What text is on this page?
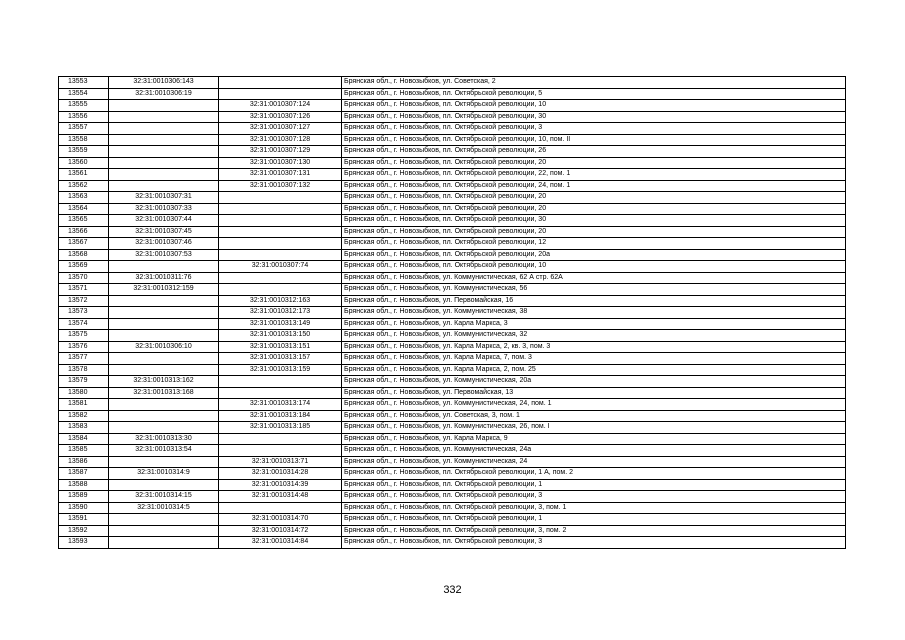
13553	32:31:0010306:143		Брянская обл., г. Новозыбков, ул. Советская, 2
13554	32:31:0010306:19		Брянская обл., г. Новозыбков, пл. Октябрьской революции, 5
13555		32:31:0010307:124	Брянская обл., г. Новозыбков, пл. Октябрьской революции, 10
13556		32:31:0010307:126	Брянская обл., г. Новозыбков, пл. Октябрьской революции, 30
13557		32:31:0010307:127	Брянская обл., г. Новозыбков, пл. Октябрьской революции, 3
13558		32:31:0010307:128	Брянская обл., г. Новозыбков, пл. Октябрьской революции, 10, пом. II
13559		32:31:0010307:129	Брянская обл., г. Новозыбков, пл. Октябрьской революции, 26
13560		32:31:0010307:130	Брянская обл., г. Новозыбков, пл. Октябрьской революции, 20
13561		32:31:0010307:131	Брянская обл., г. Новозыбков, пл. Октябрьской революции, 22, пом. 1
13562		32:31:0010307:132	Брянская обл., г. Новозыбков, пл. Октябрьской революции, 24, пом. 1
13563	32:31:0010307:31		Брянская обл., г. Новозыбков, пл. Октябрьской революции, 20
13564	32:31:0010307:33		Брянская обл., г. Новозыбков, пл. Октябрьской революции, 20
13565	32:31:0010307:44		Брянская обл., г. Новозыбков, пл. Октябрьской революции, 30
13566	32:31:0010307:45		Брянская обл., г. Новозыбков, пл. Октябрьской революции, 20
13567	32:31:0010307:46		Брянская обл., г. Новозыбков, пл. Октябрьской революции, 12
13568	32:31:0010307:53		Брянская обл., г. Новозыбков, пл. Октябрьской революции, 20а
13569		32:31:0010307:74	Брянская обл., г. Новозыбков, пл. Октябрьской революции, 10
13570	32:31:0010311:76		Брянская обл., г. Новозыбков, ул. Коммунистическая, 62 А стр. 62А
13571	32:31:0010312:159		Брянская обл., г. Новозыбков, ул. Коммунистическая, 56
13572		32:31:0010312:163	Брянская обл., г. Новозыбков, ул. Первомайская, 16
13573		32:31:0010312:173	Брянская обл., г. Новозыбков, ул. Коммунистическая, 38
13574		32:31:0010313:149	Брянская обл., г. Новозыбков, ул. Карла Маркса, 3
13575		32:31:0010313:150	Брянская обл., г. Новозыбков, ул. Коммунистическая, 32
13576	32:31:0010306:10	32:31:0010313:151	Брянская обл., г. Новозыбков, ул. Карла Маркса, 2, кв. 3, пом. 3
13577		32:31:0010313:157	Брянская обл., г. Новозыбков, ул. Карла Маркса, 7, пом. 3
13578		32:31:0010313:159	Брянская обл., г. Новозыбков, ул. Карла Маркса, 2, пом. 25
13579	32:31:0010313:162		Брянская обл., г. Новозыбков, ул. Коммунистическая, 20а
13580	32:31:0010313:168		Брянская обл., г. Новозыбков, ул. Первомайская, 13
13581		32:31:0010313:174	Брянская обл., г. Новозыбков, ул. Коммунистическая, 24, пом. 1
13582		32:31:0010313:184	Брянская обл., г. Новозыбков, ул. Советская, 3, пом. 1
13583		32:31:0010313:185	Брянская обл., г. Новозыбков, ул. Коммунистическая, 26, пом. I
13584	32:31:0010313:30		Брянская обл., г. Новозыбков, ул. Карла Маркса, 9
13585	32:31:0010313:54		Брянская обл., г. Новозыбков, ул. Коммунистическая, 24а
13586		32:31:0010313:71	Брянская обл., г. Новозыбков, ул. Коммунистическая, 24
13587	32:31:0010314:9	32:31:0010314:28	Брянская обл., г. Новозыбков, пл. Октябрьской революции, 1 А, пом. 2
13588		32:31:0010314:39	Брянская обл., г. Новозыбков, пл. Октябрьской революции, 1
13589	32:31:0010314:15	32:31:0010314:48	Брянская обл., г. Новозыбков, пл. Октябрьской революции, 3
13590	32:31:0010314:5		Брянская обл., г. Новозыбков, пл. Октябрьской революции, 3, пом. 1
13591		32:31:0010314:70	Брянская обл., г. Новозыбков, пл. Октябрьской революции, 1
13592		32:31:0010314:72	Брянская обл., г. Новозыбков, пл. Октябрьской революции, 3, пом. 2
13593		32:31:0010314:84	Брянская обл., г. Новозыбков, пл. Октябрьской революции, 3
332
